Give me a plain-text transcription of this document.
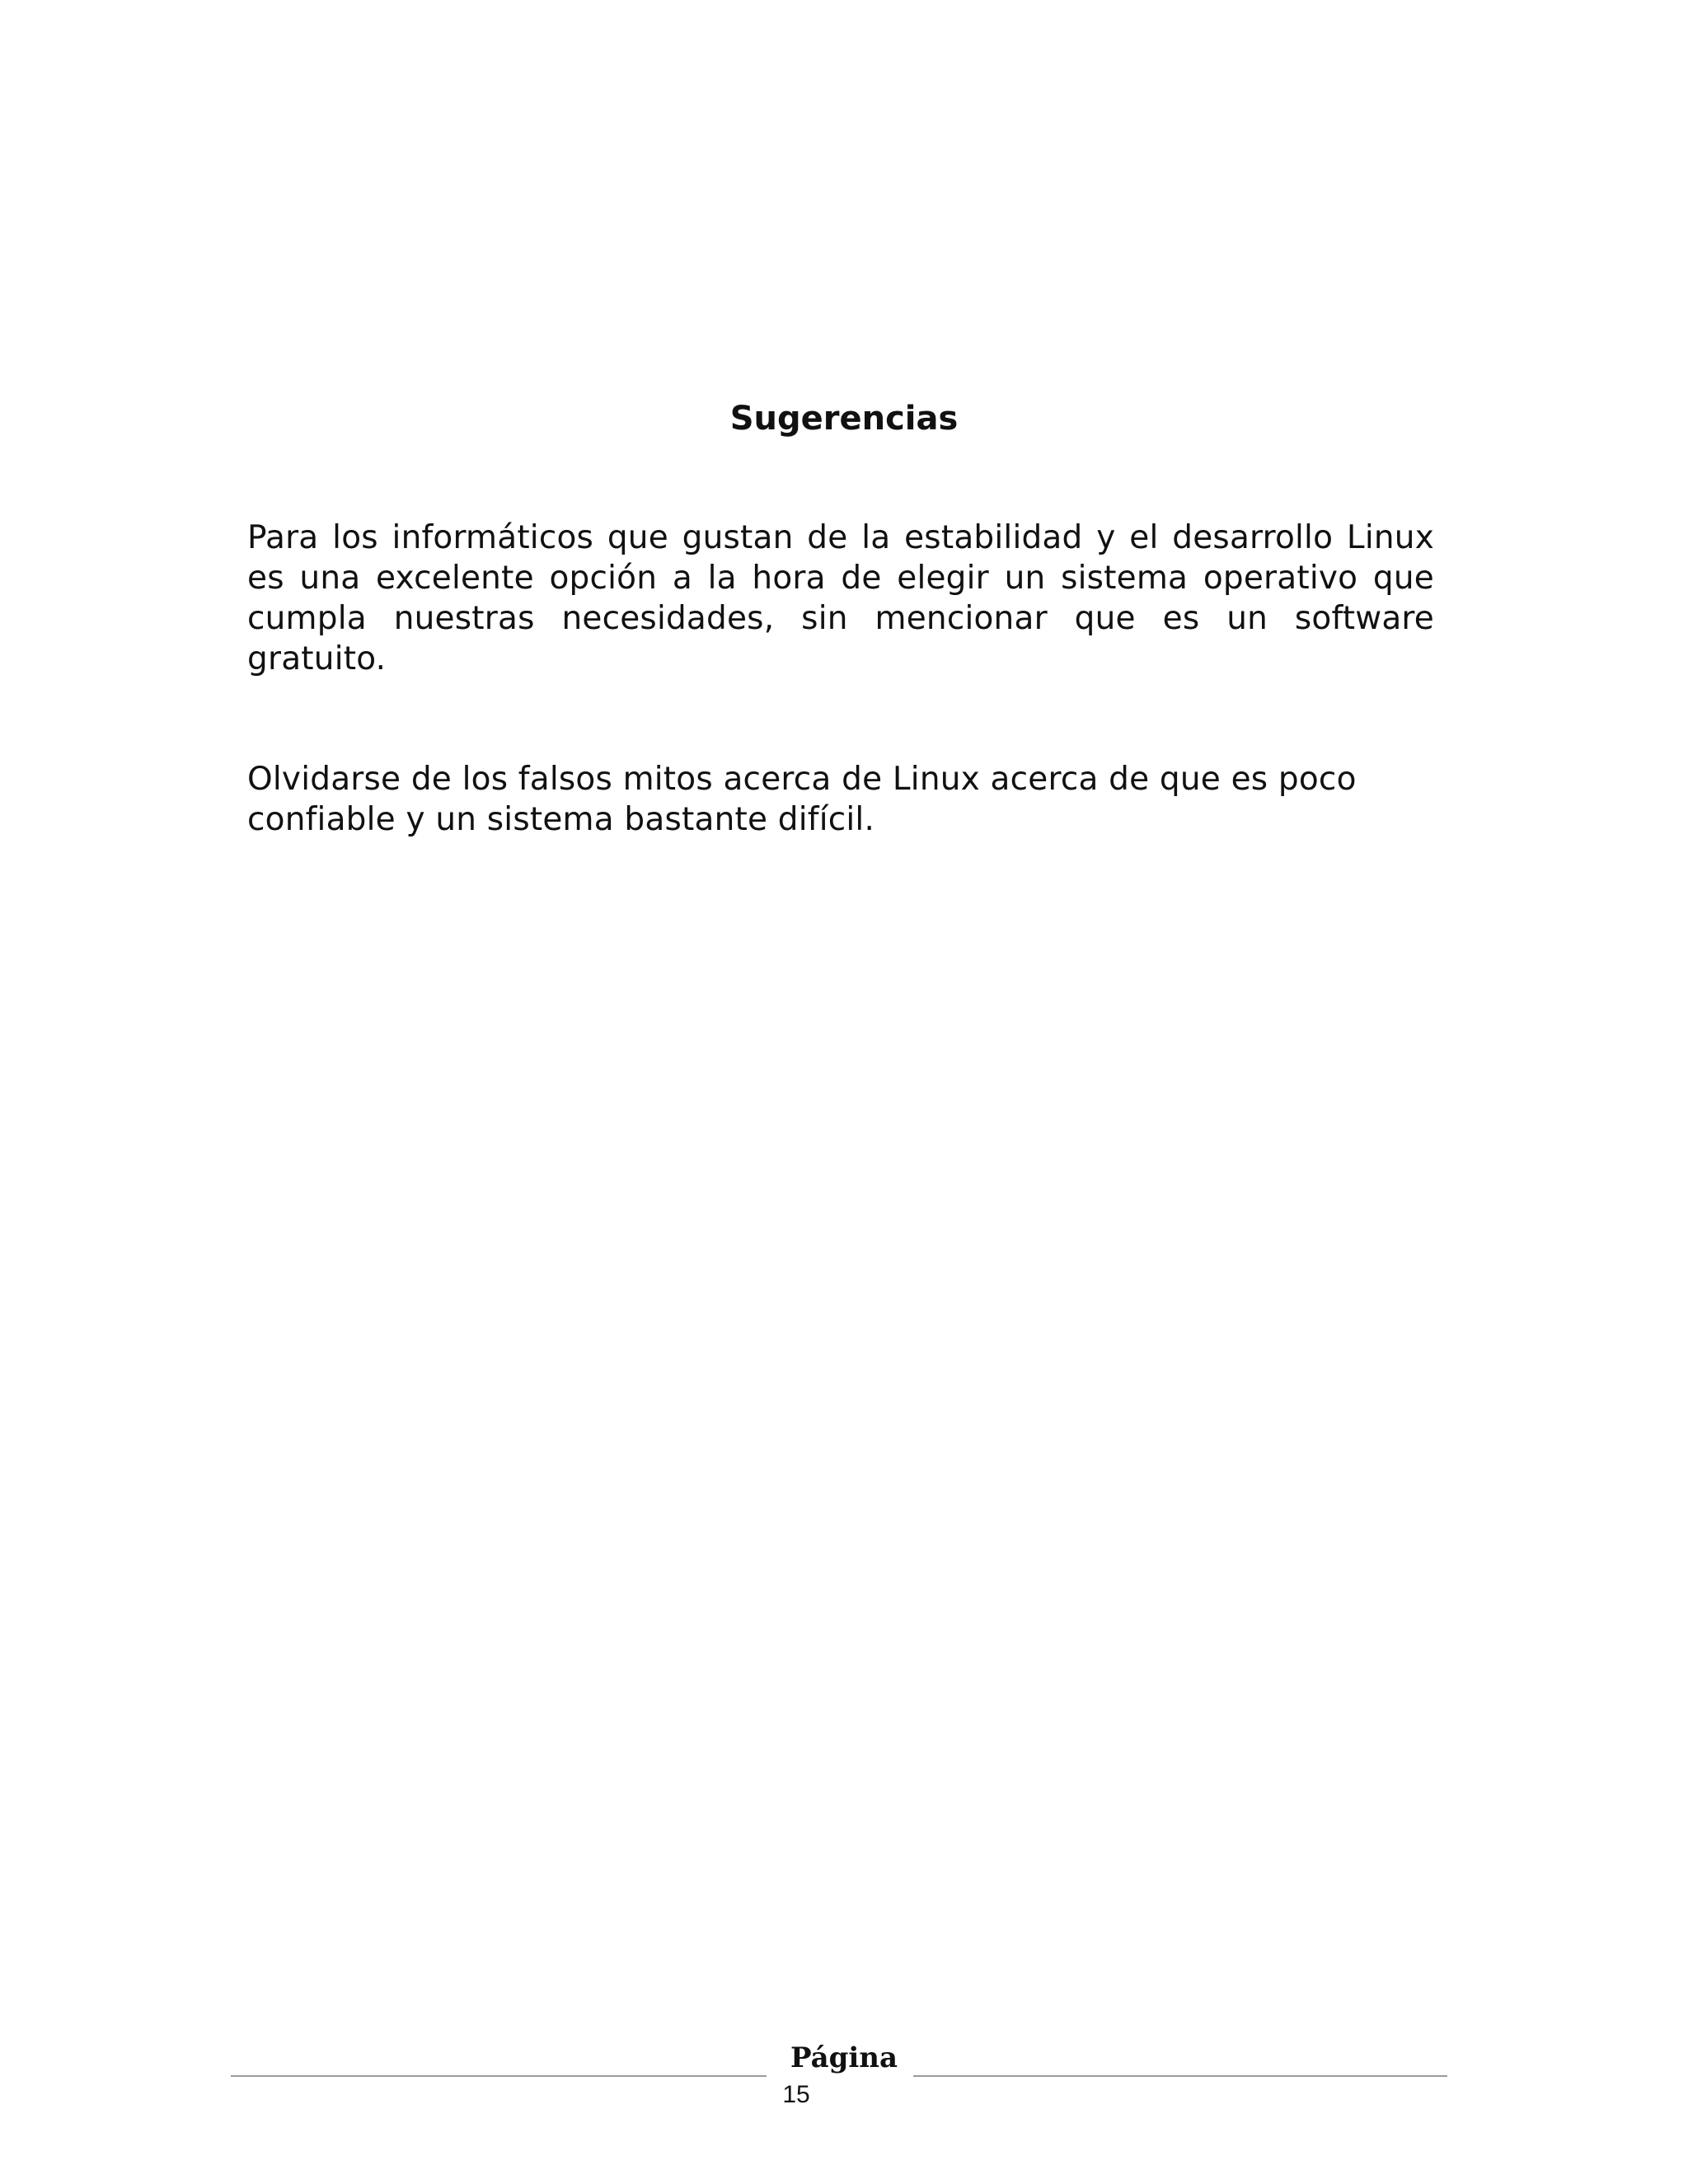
Sugerencias

Para los informáticos que gustan de la estabilidad y el desarrollo Linux es una excelente opción a la hora de elegir un sistema operativo que cumpla nuestras necesidades, sin mencionar que es un software gratuito.

Olvidarse de los falsos mitos acerca de Linux acerca de que es poco confiable y un sistema bastante difícil.

Página
15
